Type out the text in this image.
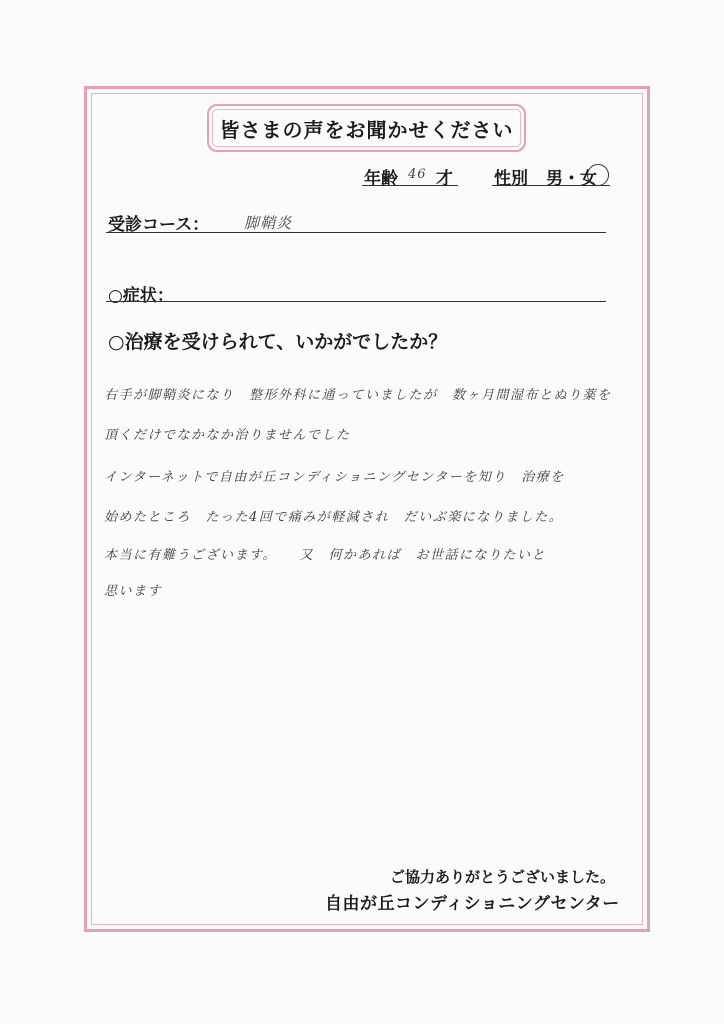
皆さまの声をお聞かせください
年齢 46 才 性別 男・女
受診コース： 脚鞘炎
○症状：
○治療を受けられて、いかがでしたか？

右手が脚鞘炎になり　整形外科に通っていましたが　数ヶ月間湿布とぬり薬を

頂くだけでなかなか治りませんでした

インターネットで自由が丘コンディショニングセンターを知り　治療を

始めたところ　たった4回で痛みが軽減され　だいぶ楽になりました。

本当に有難うございます。　　又　何かあれば　お世話になりたいと

思います

ご協力ありがとうございました。
自由が丘コンディショニングセンター
